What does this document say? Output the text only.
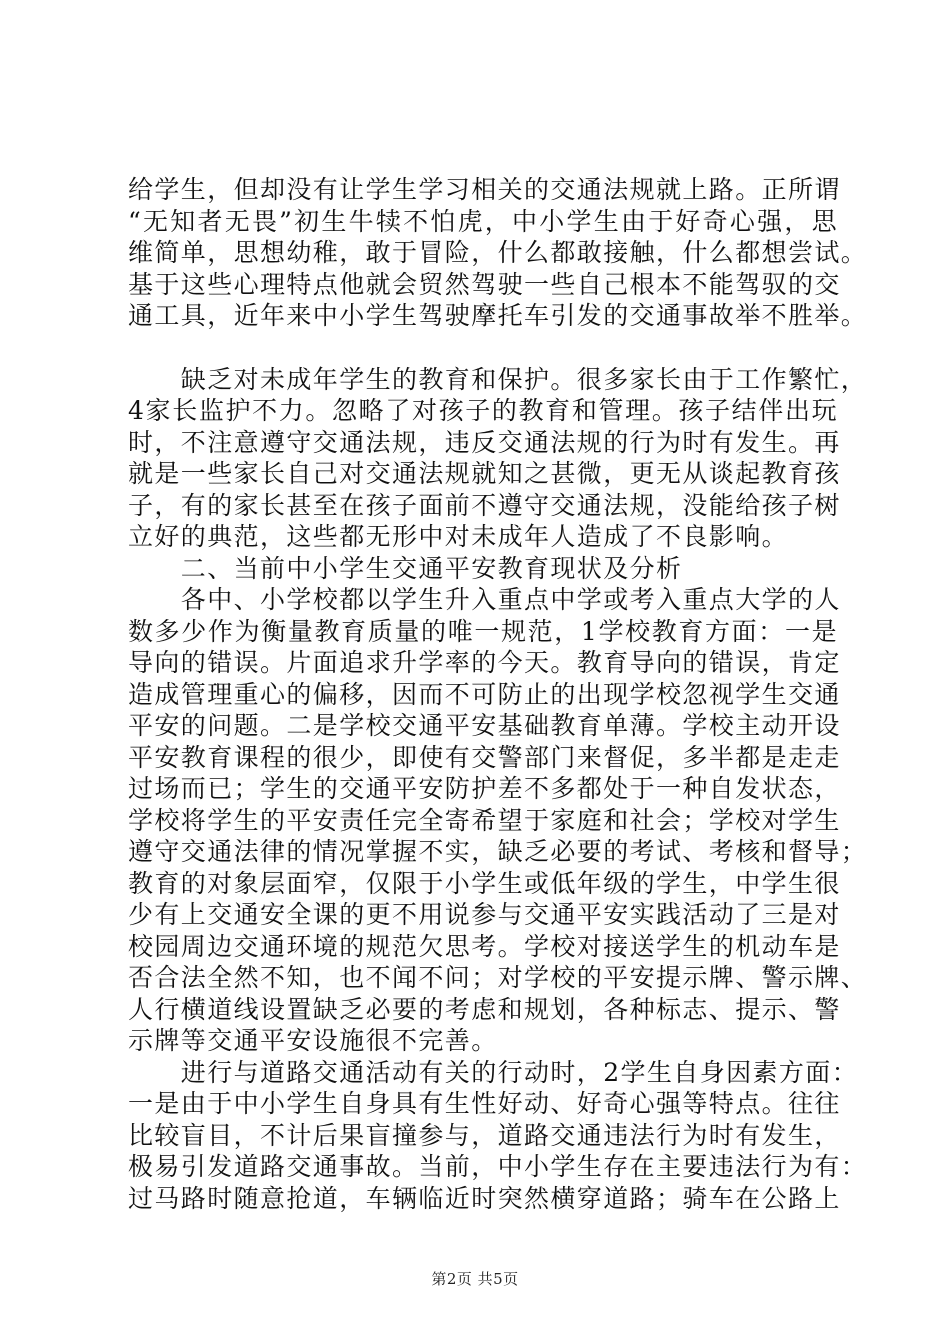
给学生，但却没有让学生学习相关的交通法规就上路。正所谓
“无知者无畏”初生牛犊不怕虎，中小学生由于好奇心强，思
维简单，思想幼稚，敢于冒险，什么都敢接触，什么都想尝试。
基于这些心理特点他就会贸然驾驶一些自己根本不能驾驭的交
通工具，近年来中小学生驾驶摩托车引发的交通事故举不胜举。
　　缺乏对未成年学生的教育和保护。很多家长由于工作繁忙，
4家长监护不力。忽略了对孩子的教育和管理。孩子结伴出玩
时，不注意遵守交通法规，违反交通法规的行为时有发生。再
就是一些家长自己对交通法规就知之甚微，更无从谈起教育孩
子，有的家长甚至在孩子面前不遵守交通法规，没能给孩子树
立好的典范，这些都无形中对未成年人造成了不良影响。
　　二、当前中小学生交通平安教育现状及分析
　　各中、小学校都以学生升入重点中学或考入重点大学的人
数多少作为衡量教育质量的唯一规范，1学校教育方面：一是
导向的错误。片面追求升学率的今天。教育导向的错误，肯定
造成管理重心的偏移，因而不可防止的出现学校忽视学生交通
平安的问题。二是学校交通平安基础教育单薄。学校主动开设
平安教育课程的很少，即使有交警部门来督促，多半都是走走
过场而已；学生的交通平安防护差不多都处于一种自发状态，
学校将学生的平安责任完全寄希望于家庭和社会；学校对学生
遵守交通法律的情况掌握不实，缺乏必要的考试、考核和督导；
教育的对象层面窄，仅限于小学生或低年级的学生，中学生很
少有上交通安全课的更不用说参与交通平安实践活动了三是对
校园周边交通环境的规范欠思考。学校对接送学生的机动车是
否合法全然不知，也不闻不问；对学校的平安提示牌、警示牌、
人行横道线设置缺乏必要的考虑和规划，各种标志、提示、警
示牌等交通平安设施很不完善。
　　进行与道路交通活动有关的行动时，2学生自身因素方面：
一是由于中小学生自身具有生性好动、好奇心强等特点。往往
比较盲目，不计后果盲撞参与，道路交通违法行为时有发生，
极易引发道路交通事故。当前，中小学生存在主要违法行为有：
过马路时随意抢道，车辆临近时突然横穿道路；骑车在公路上
第2页 共5页
